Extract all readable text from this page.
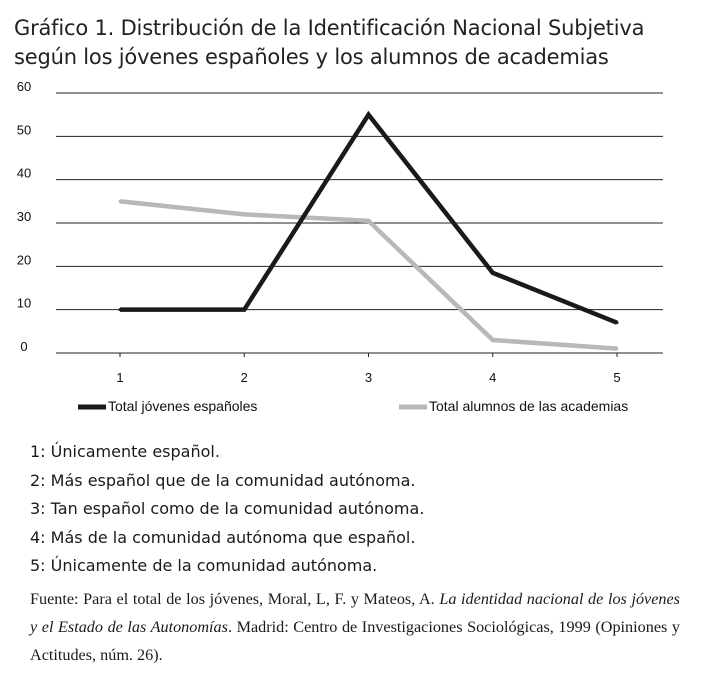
Gráfico 1. Distribución de la Identificación Nacional Subjetiva
según los jóvenes españoles y los alumnos de academias
0
10
20
30
40
50
60
1	2	3	4	5
Total jóvenes españoles	Total alumnos de las academias
1: Únicamente español.
2: Más español que de la comunidad autónoma.
3: Tan español como de la comunidad autónoma.
4: Más de la comunidad autónoma que español.
5: Únicamente de la comunidad autónoma.
Fuente: Para el total de los jóvenes, Moral, L, F. y Mateos, A. La identidad nacional de los jóvenes y el Estado de las Autonomías. Madrid: Centro de Investigaciones Sociológicas, 1999 (Opiniones y Actitudes, núm. 26).
